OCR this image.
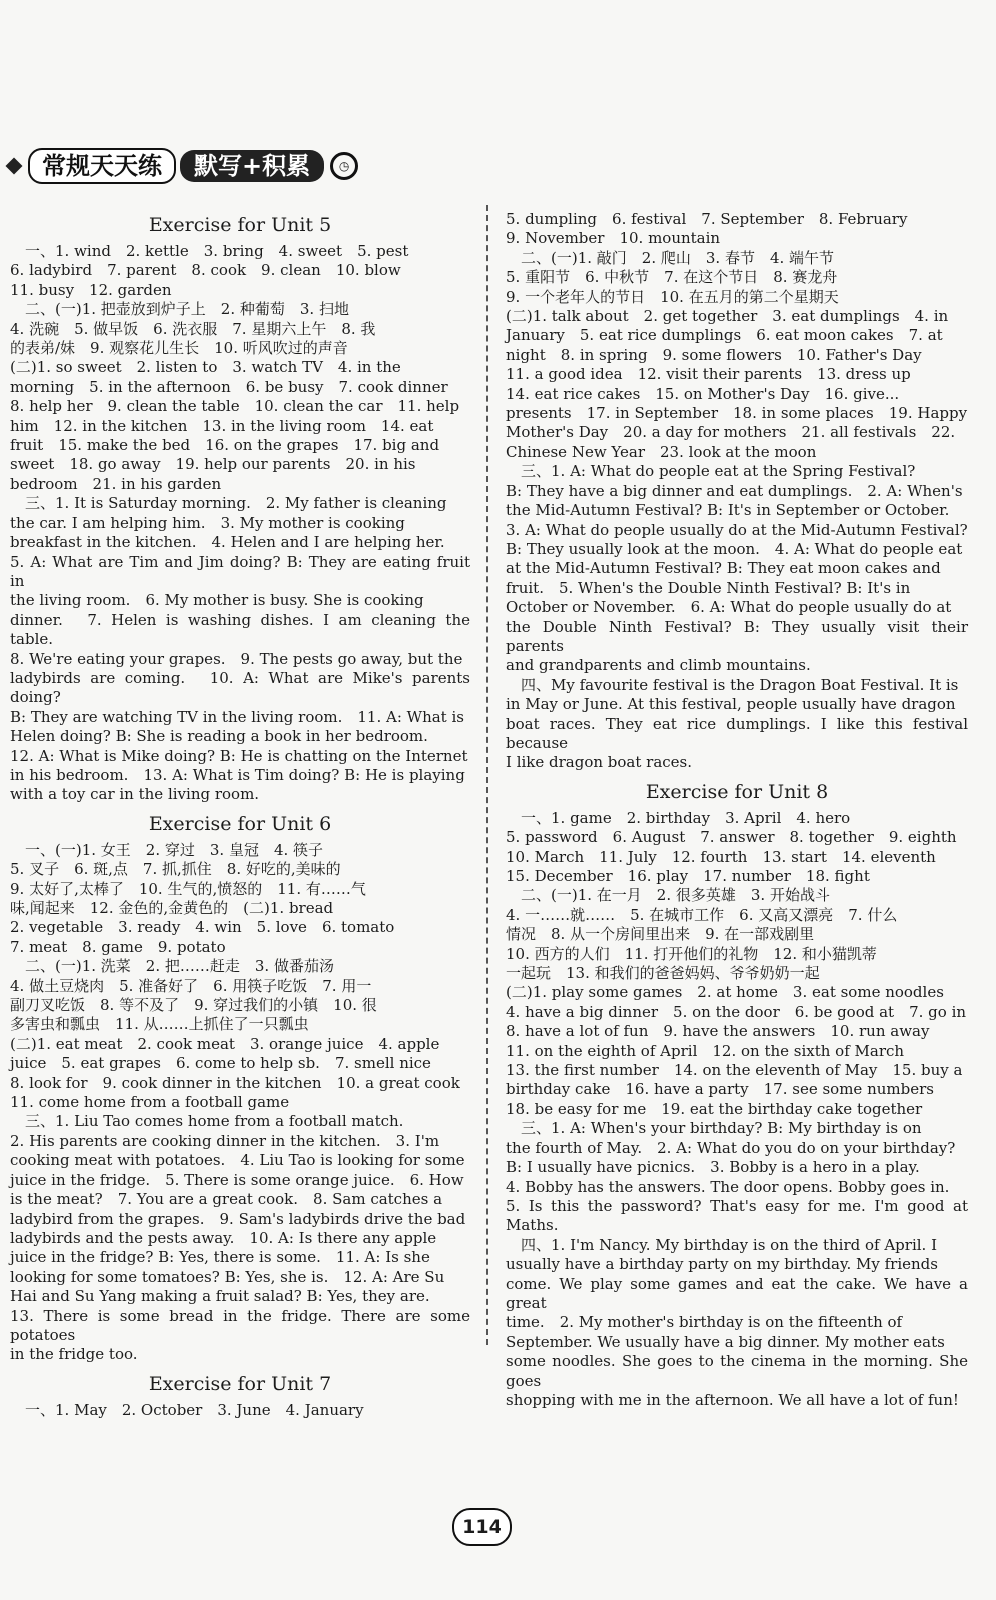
常规天天练	默写+积累	◷
Exercise for Unit 5
　一、1. wind　2. kettle　3. bring　4. sweet　5. pest
6. ladybird　7. parent　8. cook　9. clean　10. blow
11. busy　12. garden
　二、(一)1. 把壶放到炉子上　2. 种葡萄　3. 扫地
4. 洗碗　5. 做早饭　6. 洗衣服　7. 星期六上午　8. 我
的表弟/妹　9. 观察花儿生长　10. 听风吹过的声音
(二)1. so sweet　2. listen to　3. watch TV　4. in the
morning　5. in the afternoon　6. be busy　7. cook dinner
8. help her　9. clean the table　10. clean the car　11. help
him　12. in the kitchen　13. in the living room　14. eat
fruit　15. make the bed　16. on the grapes　17. big and
sweet　18. go away　19. help our parents　20. in his
bedroom　21. in his garden
　三、1. It is Saturday morning.　2. My father is cleaning
the car. I am helping him.　3. My mother is cooking
breakfast in the kitchen.　4. Helen and I are helping her.
5. A: What are Tim and Jim doing? B: They are eating fruit in
the living room.　6. My mother is busy. She is cooking
dinner.　7. Helen is washing dishes. I am cleaning the table.
8. We're eating your grapes.　9. The pests go away, but the
ladybirds are coming.　10. A: What are Mike's parents doing?
B: They are watching TV in the living room.　11. A: What is
Helen doing? B: She is reading a book in her bedroom.
12. A: What is Mike doing? B: He is chatting on the Internet
in his bedroom.　13. A: What is Tim doing? B: He is playing
with a toy car in the living room.
Exercise for Unit 6
　一、(一)1. 女王　2. 穿过　3. 皇冠　4. 筷子
5. 叉子　6. 斑,点　7. 抓,抓住　8. 好吃的,美味的
9. 太好了,太棒了　10. 生气的,愤怒的　11. 有……气
味,闻起来　12. 金色的,金黄色的　(二)1. bread
2. vegetable　3. ready　4. win　5. love　6. tomato
7. meat　8. game　9. potato
　二、(一)1. 洗菜　2. 把……赶走　3. 做番茄汤
4. 做土豆烧肉　5. 准备好了　6. 用筷子吃饭　7. 用一
副刀叉吃饭　8. 等不及了　9. 穿过我们的小镇　10. 很
多害虫和瓢虫　11. 从……上抓住了一只瓢虫
(二)1. eat meat　2. cook meat　3. orange juice　4. apple
juice　5. eat grapes　6. come to help sb.　7. smell nice
8. look for　9. cook dinner in the kitchen　10. a great cook
11. come home from a football game
　三、1. Liu Tao comes home from a football match.
2. His parents are cooking dinner in the kitchen.　3. I'm
cooking meat with potatoes.　4. Liu Tao is looking for some
juice in the fridge.　5. There is some orange juice.　6. How
is the meat?　7. You are a great cook.　8. Sam catches a
ladybird from the grapes.　9. Sam's ladybirds drive the bad
ladybirds and the pests away.　10. A: Is there any apple
juice in the fridge? B: Yes, there is some.　11. A: Is she
looking for some tomatoes? B: Yes, she is.　12. A: Are Su
Hai and Su Yang making a fruit salad? B: Yes, they are.
13. There is some bread in the fridge. There are some potatoes
in the fridge too.
Exercise for Unit 7
　一、1. May　2. October　3. June　4. January
5. dumpling　6. festival　7. September　8. February
9. November　10. mountain
　二、(一)1. 敲门　2. 爬山　3. 春节　4. 端午节
5. 重阳节　6. 中秋节　7. 在这个节日　8. 赛龙舟
9. 一个老年人的节日　10. 在五月的第二个星期天
(二)1. talk about　2. get together　3. eat dumplings　4. in
January　5. eat rice dumplings　6. eat moon cakes　7. at
night　8. in spring　9. some flowers　10. Father's Day
11. a good idea　12. visit their parents　13. dress up
14. eat rice cakes　15. on Mother's Day　16. give...
presents　17. in September　18. in some places　19. Happy
Mother's Day　20. a day for mothers　21. all festivals　22.
Chinese New Year　23. look at the moon
　三、1. A: What do people eat at the Spring Festival?
B: They have a big dinner and eat dumplings.　2. A: When's
the Mid-Autumn Festival? B: It's in September or October.
3. A: What do people usually do at the Mid-Autumn Festival?
B: They usually look at the moon.　4. A: What do people eat
at the Mid-Autumn Festival? B: They eat moon cakes and
fruit.　5. When's the Double Ninth Festival? B: It's in
October or November.　6. A: What do people usually do at
the Double Ninth Festival? B: They usually visit their parents
and grandparents and climb mountains.
　四、My favourite festival is the Dragon Boat Festival. It is
in May or June. At this festival, people usually have dragon
boat races. They eat rice dumplings. I like this festival because
I like dragon boat races.
Exercise for Unit 8
　一、1. game　2. birthday　3. April　4. hero
5. password　6. August　7. answer　8. together　9. eighth
10. March　11. July　12. fourth　13. start　14. eleventh
15. December　16. play　17. number　18. fight
　二、(一)1. 在一月　2. 很多英雄　3. 开始战斗
4. 一……就……　5. 在城市工作　6. 又高又漂亮　7. 什么
情况　8. 从一个房间里出来　9. 在一部戏剧里
10. 西方的人们　11. 打开他们的礼物　12. 和小猫凯蒂
一起玩　13. 和我们的爸爸妈妈、爷爷奶奶一起
(二)1. play some games　2. at home　3. eat some noodles
4. have a big dinner　5. on the door　6. be good at　7. go in
8. have a lot of fun　9. have the answers　10. run away
11. on the eighth of April　12. on the sixth of March
13. the first number　14. on the eleventh of May　15. buy a
birthday cake　16. have a party　17. see some numbers
18. be easy for me　19. eat the birthday cake together
　三、1. A: When's your birthday? B: My birthday is on
the fourth of May.　2. A: What do you do on your birthday?
B: I usually have picnics.　3. Bobby is a hero in a play.
4. Bobby has the answers. The door opens. Bobby goes in.
5. Is this the password? That's easy for me. I'm good at Maths.
　四、1. I'm Nancy. My birthday is on the third of April. I
usually have a birthday party on my birthday. My friends
come. We play some games and eat the cake. We have a great
time.　2. My mother's birthday is on the fifteenth of
September. We usually have a big dinner. My mother eats
some noodles. She goes to the cinema in the morning. She goes
shopping with me in the afternoon. We all have a lot of fun!
114
